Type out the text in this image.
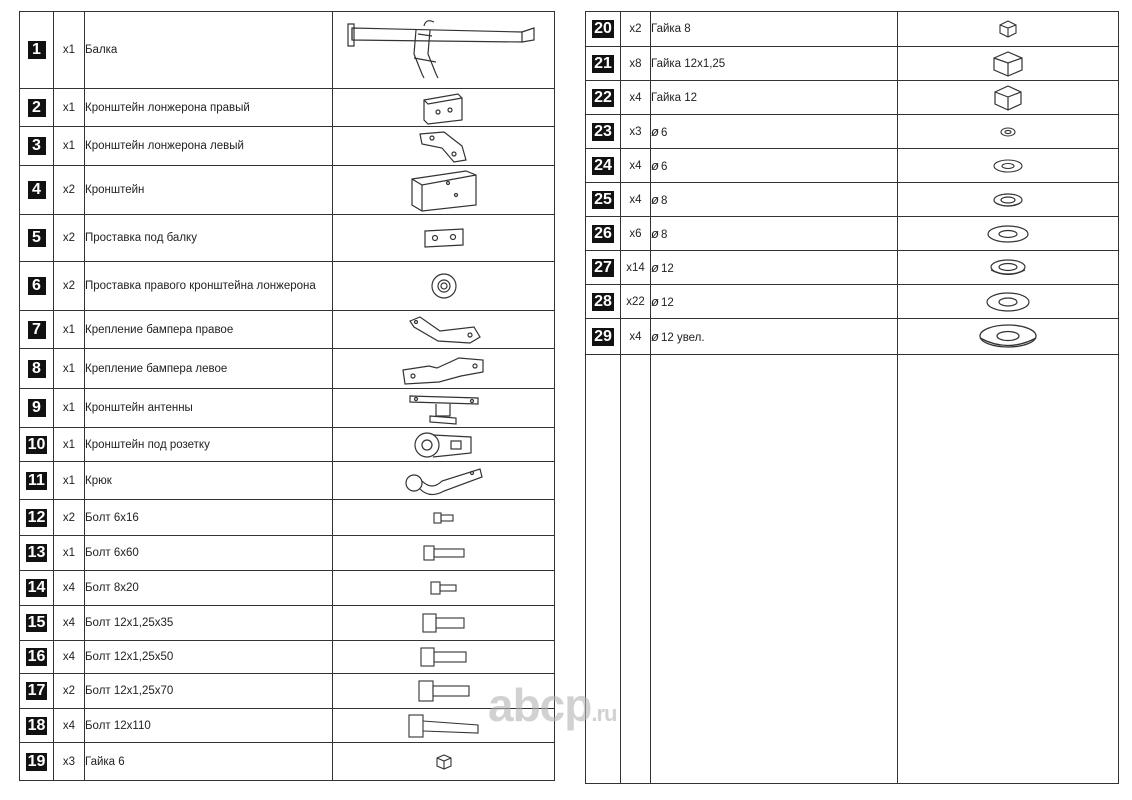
1	x1	Балка	

2	x1	Кронштейн лонжерона правый	

3	x1	Кронштейн лонжерона левый	

4	x2	Кронштейн	

5	x2	Проставка под балку	

6	x2	Проставка правого кронштейна лонжерона	

7	x1	Крепление бампера правое	

8	x1	Крепление бампера левое	

9	x1	Кронштейн антенны	

10	x1	Кронштейн под розетку	

11	x1	Крюк	

12	x2	Болт 6х16	

13	x1	Болт 6х60	

14	x4	Болт 8х20	

15	x4	Болт 12х1,25х35	

16	x4	Болт 12х1,25х50	

17	x2	Болт 12х1,25х70	

18	x4	Болт 12х110	

19	x3	Гайка 6	
20	x2	Гайка 8	

21	x8	Гайка 12х1,25	

22	x4	Гайка 12	

23	x3	ø 6	

24	x4	ø 6	

25	x4	ø 8	

26	x6	ø 8	

27	x14	ø 12	

28	x22	ø 12	

29	x4	ø 12 увел.	

abcp.ru
